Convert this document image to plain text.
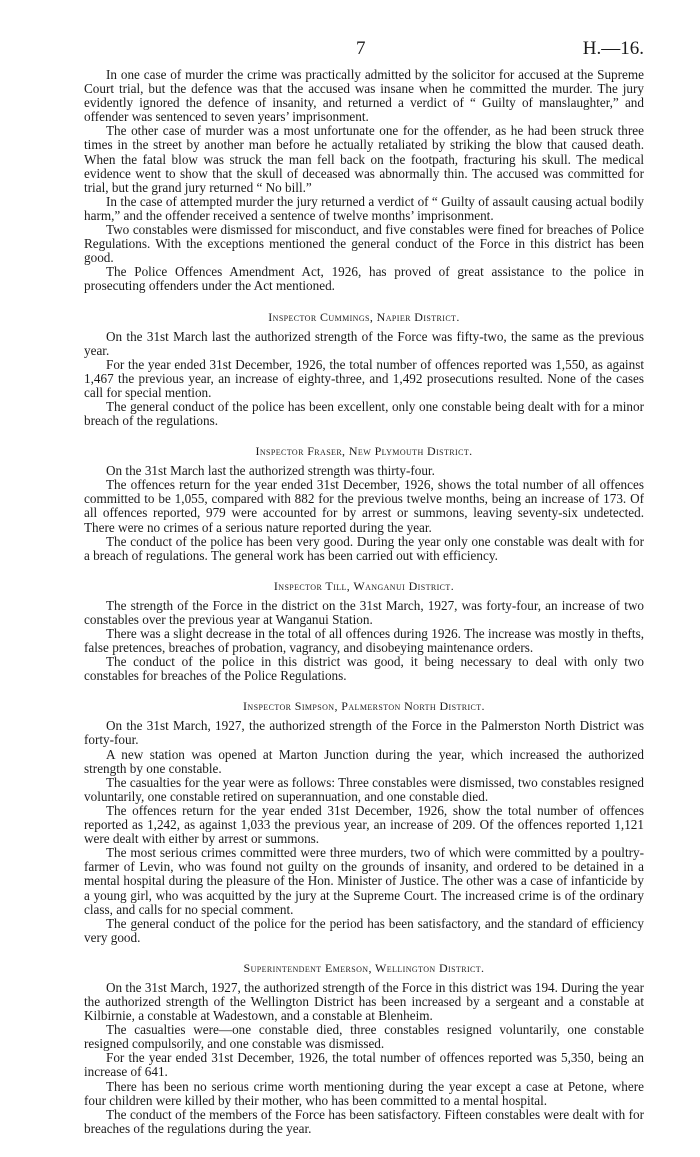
7	H.—16.

In one case of murder the crime was practically admitted by the solicitor for accused at the Supreme Court trial, but the defence was that the accused was insane when he committed the murder. The jury evidently ignored the defence of insanity, and returned a verdict of “ Guilty of manslaughter,” and offender was sentenced to seven years’ imprisonment.

The other case of murder was a most unfortunate one for the offender, as he had been struck three times in the street by another man before he actually retaliated by striking the blow that caused death. When the fatal blow was struck the man fell back on the footpath, fracturing his skull. The medical evidence went to show that the skull of deceased was abnormally thin. The accused was committed for trial, but the grand jury returned “ No bill.”

In the case of attempted murder the jury returned a verdict of “ Guilty of assault causing actual bodily harm,” and the offender received a sentence of twelve months’ imprisonment.

Two constables were dismissed for misconduct, and five constables were fined for breaches of Police Regulations. With the exceptions mentioned the general conduct of the Force in this district has been good.

The Police Offences Amendment Act, 1926, has proved of great assistance to the police in prosecuting offenders under the Act mentioned.

Inspector Cummings, Napier District.

On the 31st March last the authorized strength of the Force was fifty-two, the same as the previous year.

For the year ended 31st December, 1926, the total number of offences reported was 1,550, as against 1,467 the previous year, an increase of eighty-three, and 1,492 prosecutions resulted. None of the cases call for special mention.

The general conduct of the police has been excellent, only one constable being dealt with for a minor breach of the regulations.

Inspector Fraser, New Plymouth District.

On the 31st March last the authorized strength was thirty-four.

The offences return for the year ended 31st December, 1926, shows the total number of all offences committed to be 1,055, compared with 882 for the previous twelve months, being an increase of 173. Of all offences reported, 979 were accounted for by arrest or summons, leaving seventy-six undetected. There were no crimes of a serious nature reported during the year.

The conduct of the police has been very good. During the year only one constable was dealt with for a breach of regulations. The general work has been carried out with efficiency.

Inspector Till, Wanganui District.

The strength of the Force in the district on the 31st March, 1927, was forty-four, an increase of two constables over the previous year at Wanganui Station.

There was a slight decrease in the total of all offences during 1926. The increase was mostly in thefts, false pretences, breaches of probation, vagrancy, and disobeying maintenance orders.

The conduct of the police in this district was good, it being necessary to deal with only two constables for breaches of the Police Regulations.

Inspector Simpson, Palmerston North District.

On the 31st March, 1927, the authorized strength of the Force in the Palmerston North District was forty-four.

A new station was opened at Marton Junction during the year, which increased the authorized strength by one constable.

The casualties for the year were as follows: Three constables were dismissed, two constables resigned voluntarily, one constable retired on superannuation, and one constable died.

The offences return for the year ended 31st December, 1926, show the total number of offences reported as 1,242, as against 1,033 the previous year, an increase of 209. Of the offences reported 1,121 were dealt with either by arrest or summons.

The most serious crimes committed were three murders, two of which were committed by a poultry-farmer of Levin, who was found not guilty on the grounds of insanity, and ordered to be detained in a mental hospital during the pleasure of the Hon. Minister of Justice. The other was a case of infanticide by a young girl, who was acquitted by the jury at the Supreme Court. The increased crime is of the ordinary class, and calls for no special comment.

The general conduct of the police for the period has been satisfactory, and the standard of efficiency very good.

Superintendent Emerson, Wellington District.

On the 31st March, 1927, the authorized strength of the Force in this district was 194. During the year the authorized strength of the Wellington District has been increased by a sergeant and a constable at Kilbirnie, a constable at Wadestown, and a constable at Blenheim.

The casualties were—one constable died, three constables resigned voluntarily, one constable resigned compulsorily, and one constable was dismissed.

For the year ended 31st December, 1926, the total number of offences reported was 5,350, being an increase of 641.

There has been no serious crime worth mentioning during the year except a case at Petone, where four children were killed by their mother, who has been committed to a mental hospital.

The conduct of the members of the Force has been satisfactory. Fifteen constables were dealt with for breaches of the regulations during the year.
